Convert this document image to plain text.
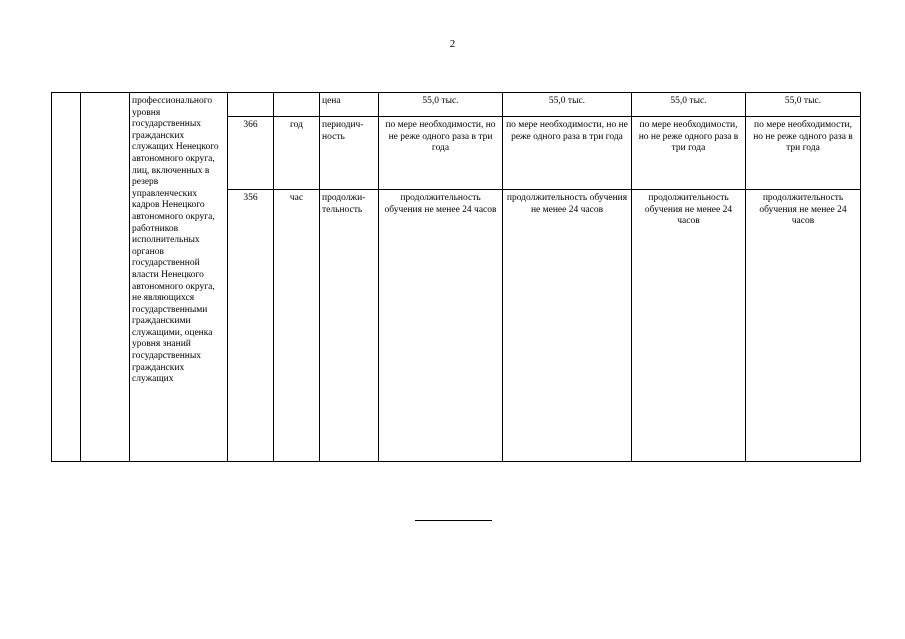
2
		профессионального уровня государственных гражданских служащих Ненецкого автономного округа, лиц, включенных в резерв управленческих кадров Ненецкого автономного округа, работников исполнительных органов государственной власти Ненецкого автономного округа, не являющихся государственными гражданскими служащими, оценка уровня знаний государственных гражданских служащих			цена	55,0 тыс.	55,0 тыс.	55,0 тыс.	55,0 тыс.
			366	год	периодич-ность	по мере необходимости, но не реже одного раза в три года	по мере необходимости, но не реже одного раза в три года	по мере необходимости, но не реже одного раза в три года	по мере необходимости, но не реже одного раза в три года
			356	час	продолжи-тельность	продолжительность обучения не менее 24 часов	продолжительность обучения не менее 24 часов	продолжительность обучения не менее 24 часов	продолжительность обучения не менее 24 часов
